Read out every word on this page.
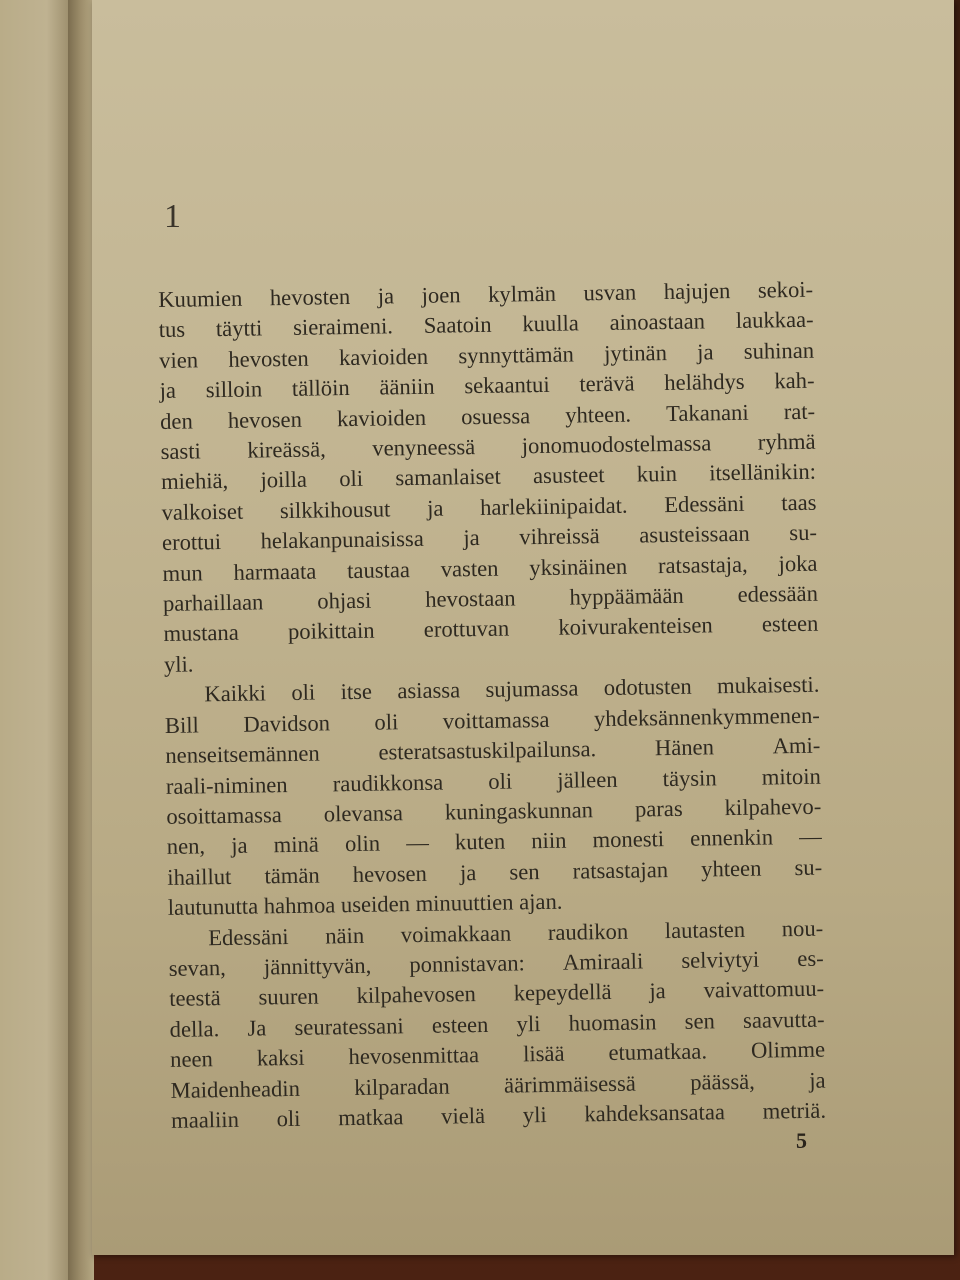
1
Kuumien hevosten ja joen kylmän usvan hajujen sekoi-
tus täytti sieraimeni. Saatoin kuulla ainoastaan laukkaa-
vien hevosten kavioiden synnyttämän jytinän ja suhinan
ja silloin tällöin ääniin sekaantui terävä helähdys kah-
den hevosen kavioiden osuessa yhteen. Takanani rat-
sasti kireässä, venyneessä jonomuodostelmassa ryhmä
miehiä, joilla oli samanlaiset asusteet kuin itsellänikin:
valkoiset silkkihousut ja harlekiinipaidat. Edessäni taas
erottui helakanpunaisissa ja vihreissä asusteissaan su-
mun harmaata taustaa vasten yksinäinen ratsastaja, joka
parhaillaan ohjasi hevostaan hyppäämään edessään
mustana poikittain erottuvan koivurakenteisen esteen
yli.
Kaikki oli itse asiassa sujumassa odotusten mukaisesti.
Bill Davidson oli voittamassa yhdeksännenkymmenen-
nenseitsemännen	esteratsastuskilpailunsa.	Hänen	Ami-
raali-niminen raudikkonsa oli jälleen täysin mitoin
osoittamassa olevansa kuningaskunnan paras kilpahevo-
nen, ja minä olin — kuten niin monesti ennenkin —
ihaillut tämän hevosen ja sen ratsastajan yhteen su-
lautunutta hahmoa useiden minuuttien ajan.
Edessäni näin voimakkaan raudikon lautasten nou-
sevan, jännittyvän, ponnistavan: Amiraali selviytyi es-
teestä suuren kilpahevosen kepeydellä ja vaivattomuu-
della. Ja seuratessani esteen yli huomasin sen saavutta-
neen kaksi hevosenmittaa lisää etumatkaa. Olimme
Maidenheadin kilparadan äärimmäisessä päässä, ja
maaliin oli matkaa vielä yli kahdeksansataa metriä.
5
